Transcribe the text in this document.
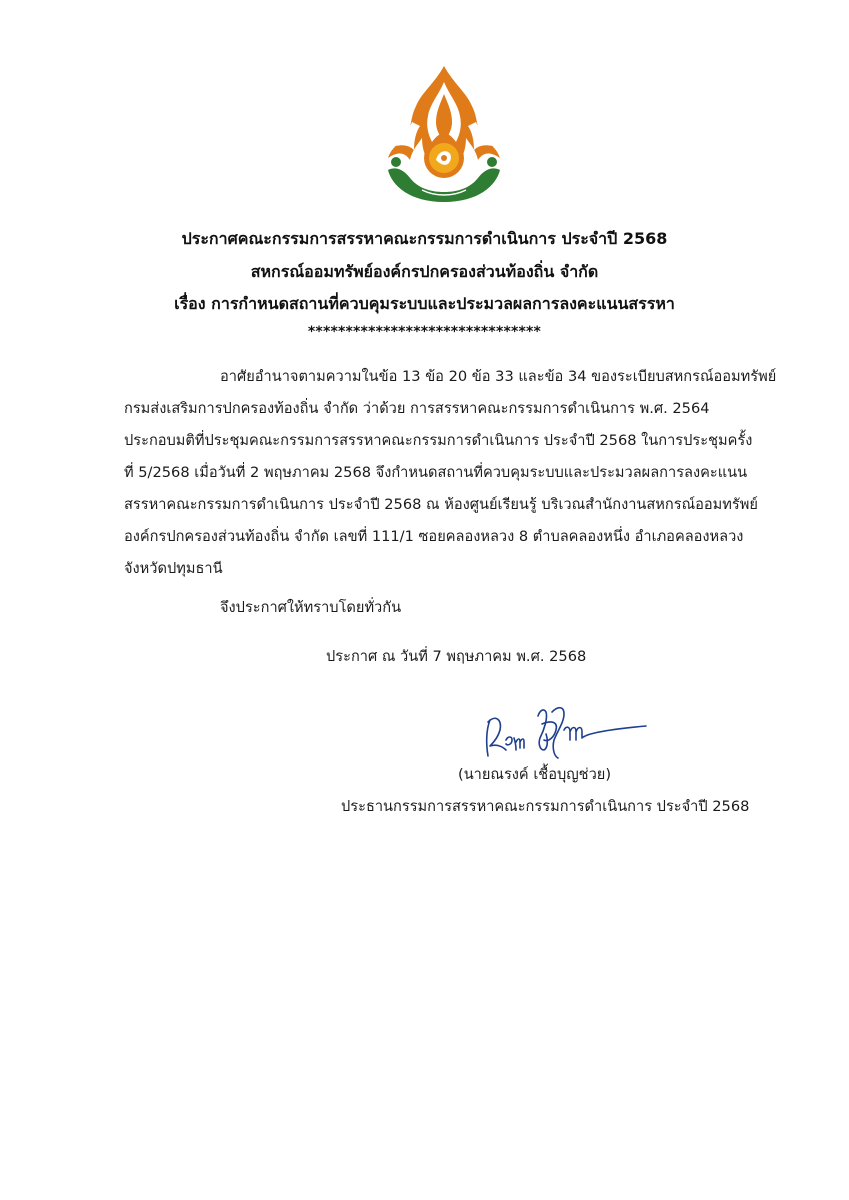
ประกาศคณะกรรมการสรรหาคณะกรรมการดำเนินการ ประจำปี 2568
สหกรณ์ออมทรัพย์องค์กรปกครองส่วนท้องถิ่น จำกัด
เรื่อง การกำหนดสถานที่ควบคุมระบบและประมวลผลการลงคะแนนสรรหา
*******************************
อาศัยอำนาจตามความในข้อ 13 ข้อ 20 ข้อ 33 และข้อ 34 ของระเบียบสหกรณ์ออมทรัพย์
กรมส่งเสริมการปกครองท้องถิ่น จำกัด ว่าด้วย การสรรหาคณะกรรมการดำเนินการ พ.ศ. 2564
ประกอบมติที่ประชุมคณะกรรมการสรรหาคณะกรรมการดำเนินการ ประจำปี 2568 ในการประชุมครั้ง
ที่ 5/2568 เมื่อวันที่ 2 พฤษภาคม 2568 จึงกำหนดสถานที่ควบคุมระบบและประมวลผลการลงคะแนน
สรรหาคณะกรรมการดำเนินการ ประจำปี 2568 ณ ห้องศูนย์เรียนรู้ บริเวณสำนักงานสหกรณ์ออมทรัพย์
องค์กรปกครองส่วนท้องถิ่น จำกัด เลขที่ 111/1 ซอยคลองหลวง 8 ตำบลคลองหนึ่ง อำเภอคลองหลวง
จังหวัดปทุมธานี
จึงประกาศให้ทราบโดยทั่วกัน
ประกาศ ณ วันที่ 7 พฤษภาคม พ.ศ. 2568
(นายณรงค์ เชื้อบุญช่วย)
ประธานกรรมการสรรหาคณะกรรมการดำเนินการ ประจำปี 2568
